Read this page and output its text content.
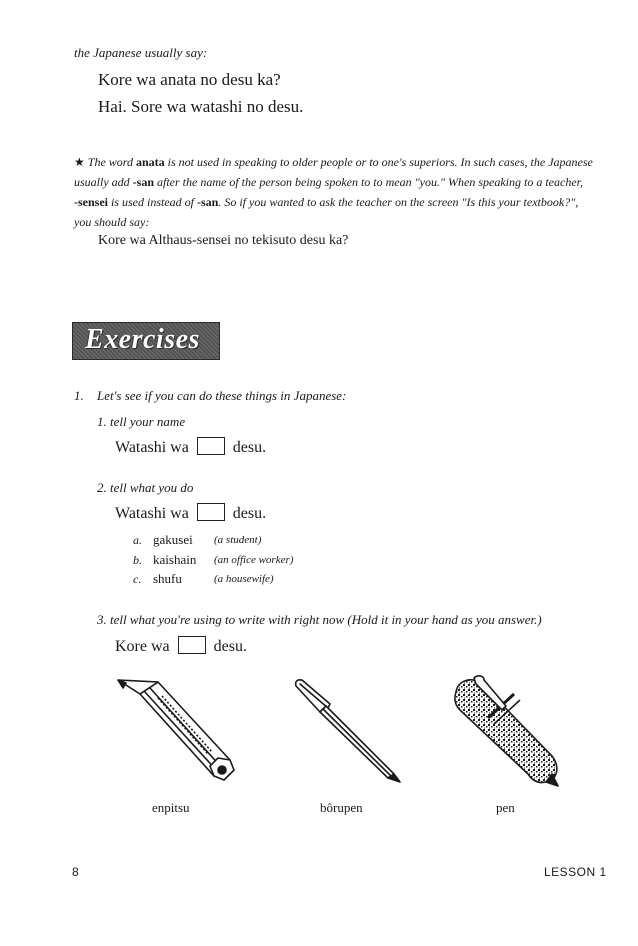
the Japanese usually say:
Kore wa anata no desu ka?
Hai. Sore wa watashi no desu.
★ The word anata is not used in speaking to older people or to one's superiors. In such cases, the Japanese
usually add -san after the name of the person being spoken to to mean "you." When speaking to a teacher,
-sensei is used instead of -san. So if you wanted to ask the teacher on the screen "Is this your textbook?",
you should say:
Kore wa Althaus-sensei no tekisuto desu ka?
Exercises
1. Let's see if you can do these things in Japanese:
1. tell your name
Watashi wa	desu.
2. tell what you do
Watashi wa	desu.
a. gakusei (a student)
b. kaishain (an office worker)
c. shufu	(a housewife)
3. tell what you're using to write with right now (Hold it in your hand as you answer.)
Kore wa	desu.
enpitsu	bôrupen	pen
8	LESSON 1
